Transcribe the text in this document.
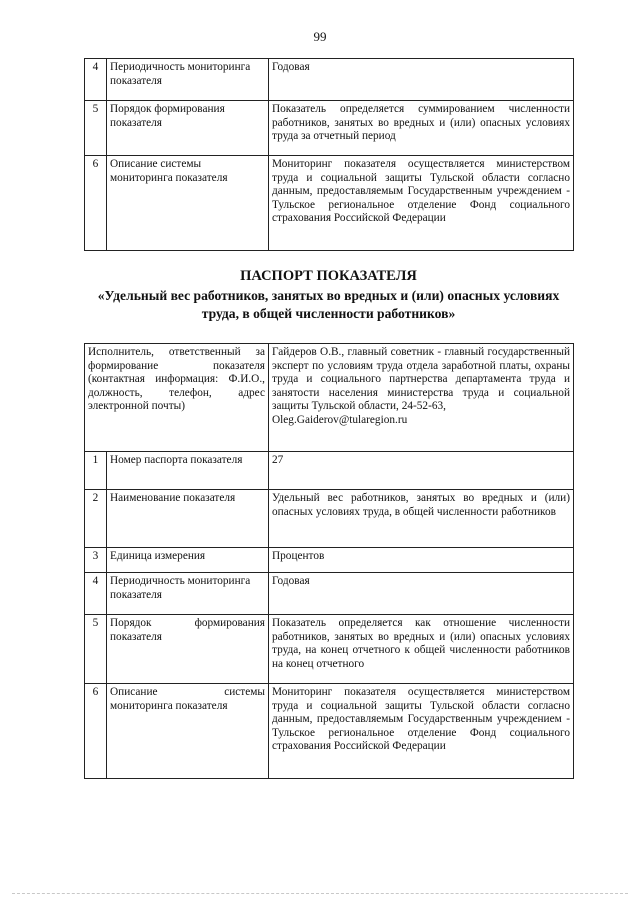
99
4	Периодичность мониторинга показателя	Годовая
5	Порядок формирования показателя	Показатель определяется суммированием численности работников, занятых во вредных и (или) опасных условиях труда за отчетный период
6	Описание системы мониторинга показателя	Мониторинг показателя осуществляется министерством труда и социальной защиты Тульской области согласно данным, предоставляемым Государственным учреждением - Тульское региональное отделение Фонд социального страхования Российской Федерации
ПАСПОРТ ПОКАЗАТЕЛЯ
«Удельный вес работников, занятых во вредных и (или) опасных условиях труда, в общей численности работников»
Исполнитель, ответственный за формирование показателя (контактная информация: Ф.И.О., должность, телефон, адрес электронной почты)		Гайдеров О.В., главный советник - главный государственный эксперт по условиям труда отдела заработной платы, охраны труда и социального партнерства департамента труда и занятости населения министерства труда и социальной защиты Тульской области, 24-52-63,
Oleg.Gaiderov@tularegion.ru
1	Номер паспорта показателя	27
2	Наименование показателя	Удельный вес работников, занятых во вредных и (или) опасных условиях труда, в общей численности работников
3	Единица измерения	Процентов
4	Периодичность мониторинга показателя	Годовая
5	Порядок формирования показателя	Показатель определяется как отношение численности работников, занятых во вредных и (или) опасных условиях труда, на конец отчетного к общей численности работников на конец отчетного
6	Описание системы мониторинга показателя	Мониторинг показателя осуществляется министерством труда и социальной защиты Тульской области согласно данным, предоставляемым Государственным учреждением - Тульское региональное отделение Фонд социального страхования Российской Федерации
